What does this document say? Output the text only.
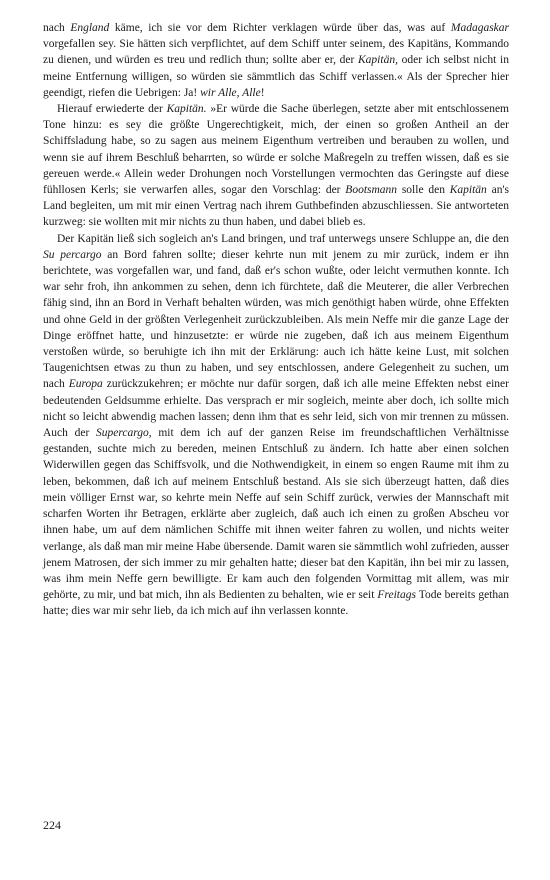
nach England käme, ich sie vor dem Richter verklagen würde über das, was auf Madagaskar vorgefallen sey. Sie hätten sich verpflichtet, auf dem Schiff unter seinem, des Kapitäns, Kommando zu dienen, und würden es treu und redlich thun; sollte aber er, der Kapitän, oder ich selbst nicht in meine Entfernung willigen, so würden sie sämmtlich das Schiff verlassen.« Als der Sprecher hier geendigt, riefen die Uebrigen: Ja! wir Alle, Alle!

Hierauf erwiederte der Kapitän. »Er würde die Sache überlegen, setzte aber mit entschlossenem Tone hinzu: es sey die größte Ungerechtigkeit, mich, der einen so großen Antheil an der Schiffsladung habe, so zu sagen aus meinem Eigenthum vertreiben und berauben zu wollen, und wenn sie auf ihrem Beschluß beharrten, so würde er solche Maßregeln zu treffen wissen, daß es sie gereuen werde.« Allein weder Drohungen noch Vorstellungen vermochten das Geringste auf diese fühllosen Kerls; sie verwarfen alles, sogar den Vorschlag: der Bootsmann solle den Kapitän an's Land begleiten, um mit mir einen Vertrag nach ihrem Guthbefinden abzuschliessen. Sie antworteten kurzweg: sie wollten mit mir nichts zu thun haben, und dabei blieb es.

Der Kapitän ließ sich sogleich an's Land bringen, und traf unterwegs unsere Schluppe an, die den Su percargo an Bord fahren sollte; dieser kehrte nun mit jenem zu mir zurück, indem er ihn berichtete, was vorgefallen war, und fand, daß er's schon wußte, oder leicht vermuthen konnte. Ich war sehr froh, ihn ankommen zu sehen, denn ich fürchtete, daß die Meuterer, die aller Verbrechen fähig sind, ihn an Bord in Verhaft behalten würden, was mich genöthigt haben würde, ohne Effekten und ohne Geld in der größten Verlegenheit zurückzubleiben. Als mein Neffe mir die ganze Lage der Dinge eröffnet hatte, und hinzusetzte: er würde nie zugeben, daß ich aus meinem Eigenthum verstoßen würde, so beruhigte ich ihn mit der Erklärung: auch ich hätte keine Lust, mit solchen Taugenichtsen etwas zu thun zu haben, und sey entschlossen, andere Gelegenheit zu suchen, um nach Europa zurückzukehren; er möchte nur dafür sorgen, daß ich alle meine Effekten nebst einer bedeutenden Geldsumme erhielte. Das versprach er mir sogleich, meinte aber doch, ich sollte mich nicht so leicht abwendig machen lassen; denn ihm that es sehr leid, sich von mir trennen zu müssen. Auch der Supercargo, mit dem ich auf der ganzen Reise im freundschaftlichen Verhältnisse gestanden, suchte mich zu bereden, meinen Entschluß zu ändern. Ich hatte aber einen solchen Widerwillen gegen das Schiffsvolk, und die Nothwendigkeit, in einem so engen Raume mit ihm zu leben, bekommen, daß ich auf meinem Entschluß bestand. Als sie sich überzeugt hatten, daß dies mein völliger Ernst war, so kehrte mein Neffe auf sein Schiff zurück, verwies der Mannschaft mit scharfen Worten ihr Betragen, erklärte aber zugleich, daß auch ich einen zu großen Abscheu vor ihnen habe, um auf dem nämlichen Schiffe mit ihnen weiter fahren zu wollen, und nichts weiter verlange, als daß man mir meine Habe übersende. Damit waren sie sämmtlich wohl zufrieden, ausser jenem Matrosen, der sich immer zu mir gehalten hatte; dieser bat den Kapitän, ihn bei mir zu lassen, was ihm mein Neffe gern bewilligte. Er kam auch den folgenden Vormittag mit allem, was mir gehörte, zu mir, und bat mich, ihn als Bedienten zu behalten, wie er seit Freitags Tode bereits gethan hatte; dies war mir sehr lieb, da ich mich auf ihn verlassen konnte.

224
